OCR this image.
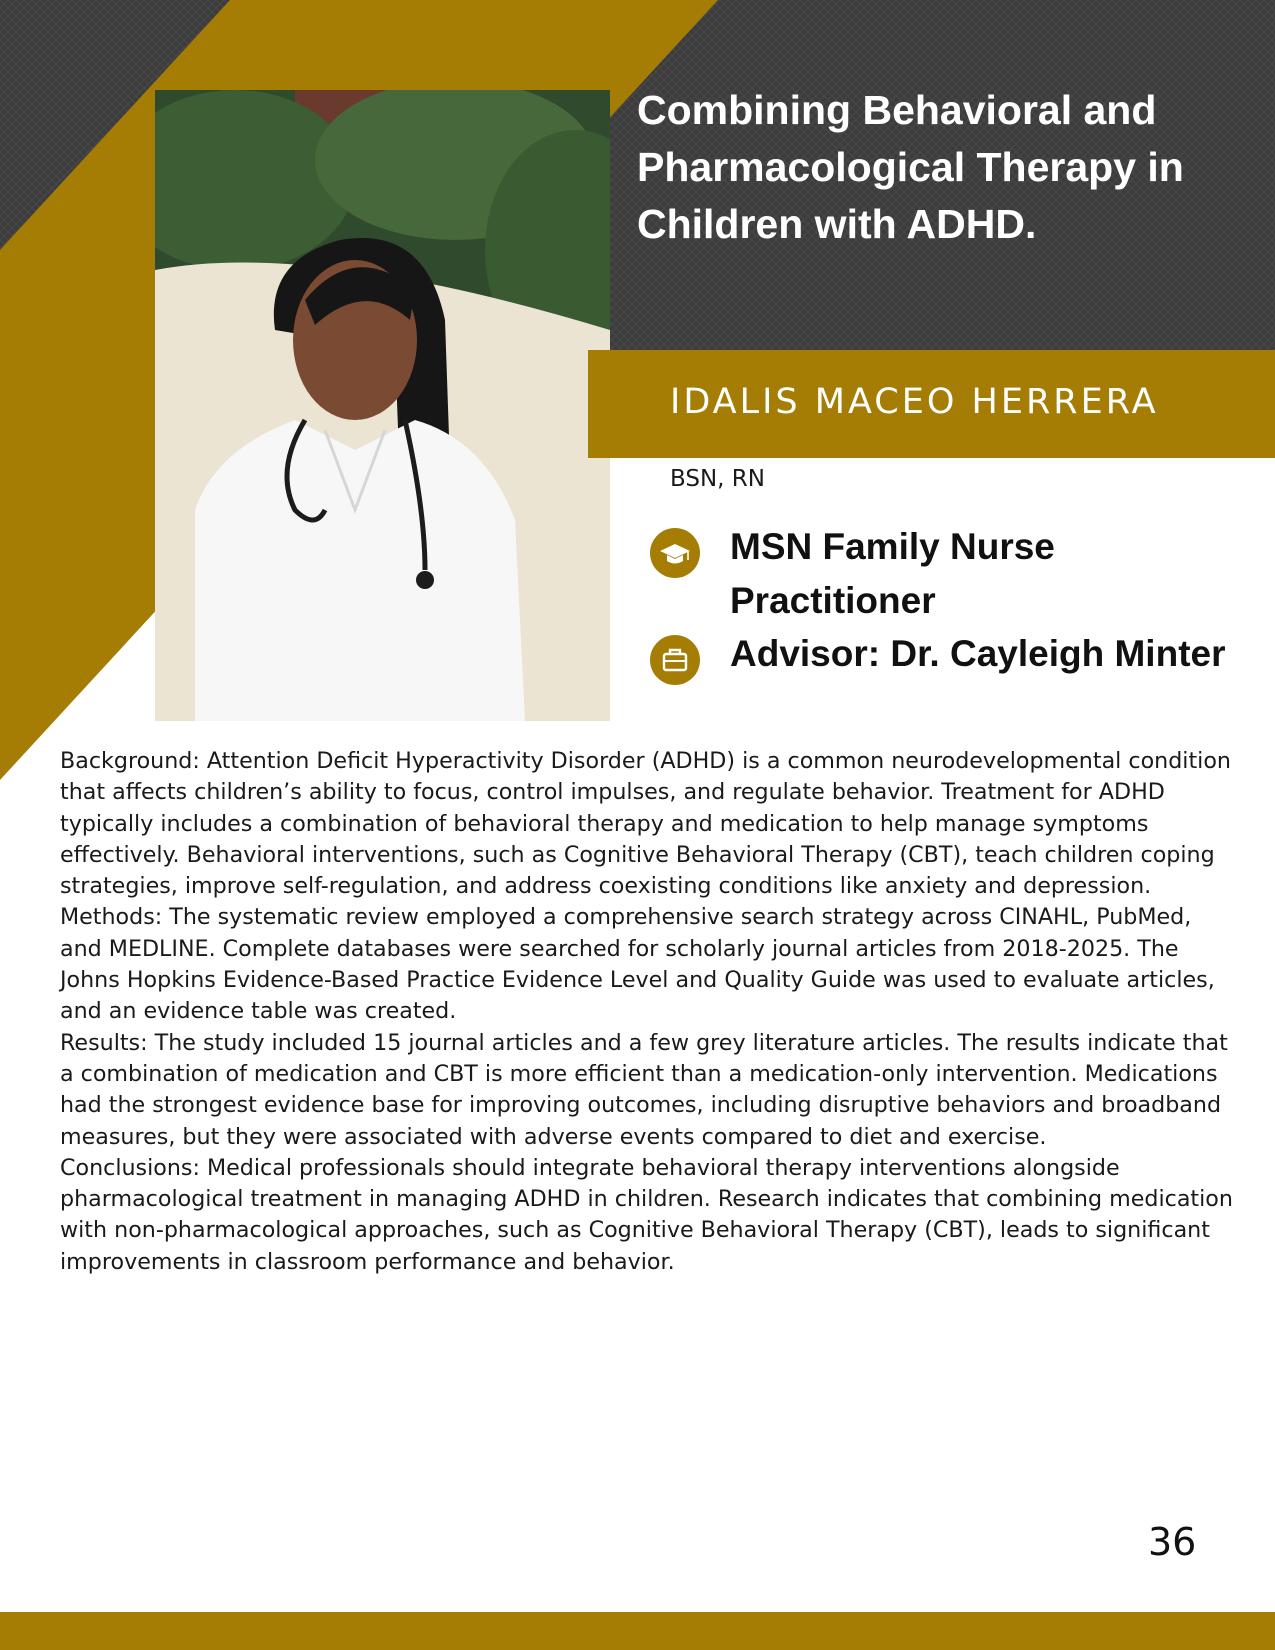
Combining Behavioral and Pharmacological Therapy in Children with ADHD.
IDALIS MACEO HERRERA
BSN, RN
MSN Family Nurse Practitioner
Advisor: Dr. Cayleigh Minter

Background: Attention Deficit Hyperactivity Disorder (ADHD) is a common neurodevelopmental condition that affects children’s ability to focus, control impulses, and regulate behavior. Treatment for ADHD typically includes a combination of behavioral therapy and medication to help manage symptoms effectively. Behavioral interventions, such as Cognitive Behavioral Therapy (CBT), teach children coping strategies, improve self-regulation, and address coexisting conditions like anxiety and depression.

Methods: The systematic review employed a comprehensive search strategy across CINAHL, PubMed, and MEDLINE. Complete databases were searched for scholarly journal articles from 2018-2025. The Johns Hopkins Evidence-Based Practice Evidence Level and Quality Guide was used to evaluate articles, and an evidence table was created.

Results: The study included 15 journal articles and a few grey literature articles. The results indicate that a combination of medication and CBT is more efficient than a medication-only intervention. Medications had the strongest evidence base for improving outcomes, including disruptive behaviors and broadband measures, but they were associated with adverse events compared to diet and exercise.

Conclusions: Medical professionals should integrate behavioral therapy interventions alongside pharmacological treatment in managing ADHD in children. Research indicates that combining medication with non-pharmacological approaches, such as Cognitive Behavioral Therapy (CBT), leads to significant improvements in classroom performance and behavior.

36
